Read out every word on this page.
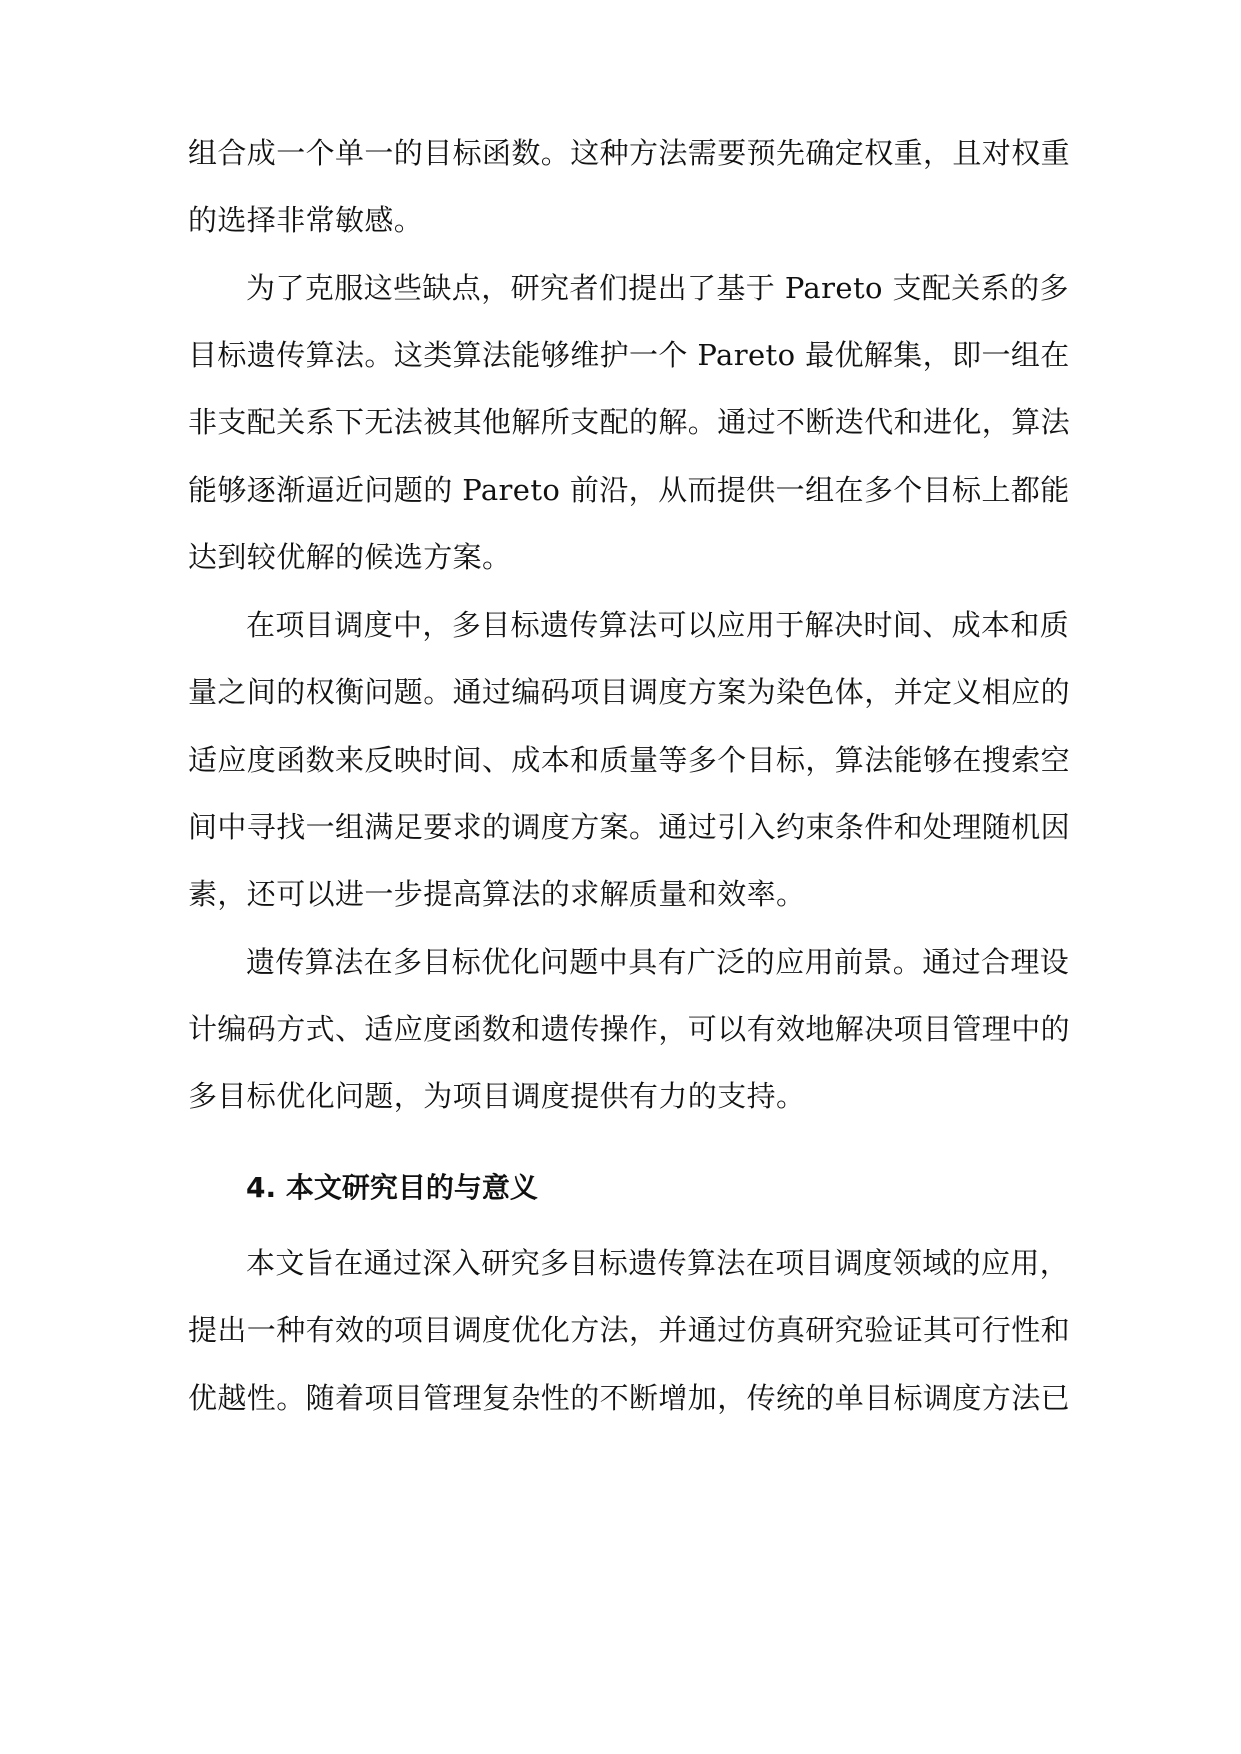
组合成一个单一的目标函数。这种方法需要预先确定权重，且对权重
的选择非常敏感。
为了克服这些缺点，研究者们提出了基于 Pareto 支配关系的多
目标遗传算法。这类算法能够维护一个 Pareto 最优解集，即一组在
非支配关系下无法被其他解所支配的解。通过不断迭代和进化，算法
能够逐渐逼近问题的 Pareto 前沿，从而提供一组在多个目标上都能
达到较优解的候选方案。
在项目调度中，多目标遗传算法可以应用于解决时间、成本和质
量之间的权衡问题。通过编码项目调度方案为染色体，并定义相应的
适应度函数来反映时间、成本和质量等多个目标，算法能够在搜索空
间中寻找一组满足要求的调度方案。通过引入约束条件和处理随机因
素，还可以进一步提高算法的求解质量和效率。
遗传算法在多目标优化问题中具有广泛的应用前景。通过合理设
计编码方式、适应度函数和遗传操作，可以有效地解决项目管理中的
多目标优化问题，为项目调度提供有力的支持。
4. 本文研究目的与意义
本文旨在通过深入研究多目标遗传算法在项目调度领域的应用，
提出一种有效的项目调度优化方法，并通过仿真研究验证其可行性和
优越性。随着项目管理复杂性的不断增加，传统的单目标调度方法已
